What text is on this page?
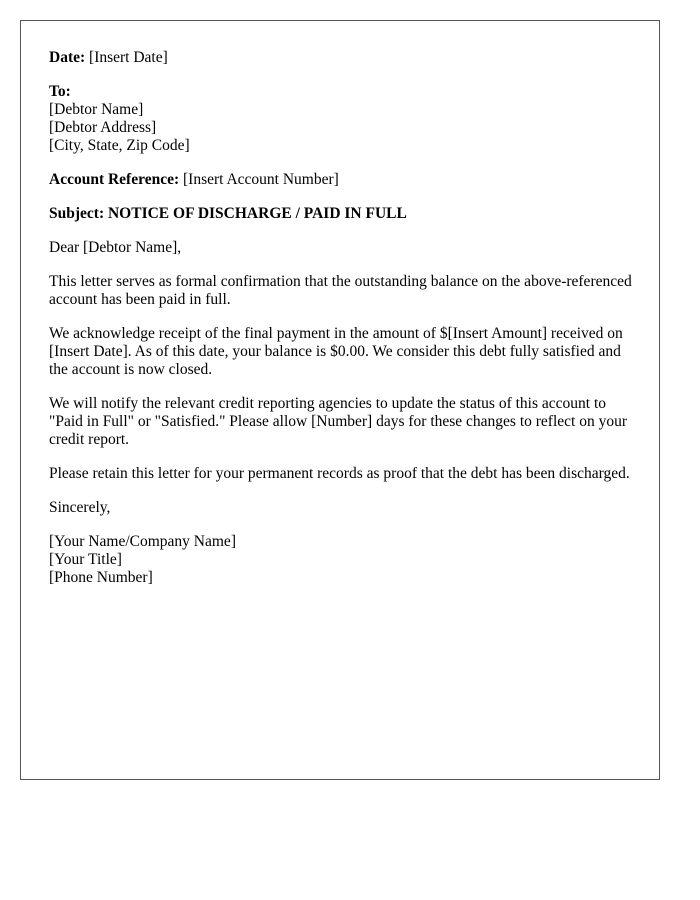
Date: [Insert Date]
To:
[Debtor Name]
[Debtor Address]
[City, State, Zip Code]
Account Reference: [Insert Account Number]
Subject: NOTICE OF DISCHARGE / PAID IN FULL
Dear [Debtor Name],

This letter serves as formal confirmation that the outstanding balance on the above-referenced account has been paid in full.

We acknowledge receipt of the final payment in the amount of $[Insert Amount] received on [Insert Date]. As of this date, your balance is $0.00. We consider this debt fully satisfied and the account is now closed.

We will notify the relevant credit reporting agencies to update the status of this account to "Paid in Full" or "Satisfied." Please allow [Number] days for these changes to reflect on your credit report.

Please retain this letter for your permanent records as proof that the debt has been discharged.

Sincerely,
[Your Name/Company Name]
[Your Title]
[Phone Number]
